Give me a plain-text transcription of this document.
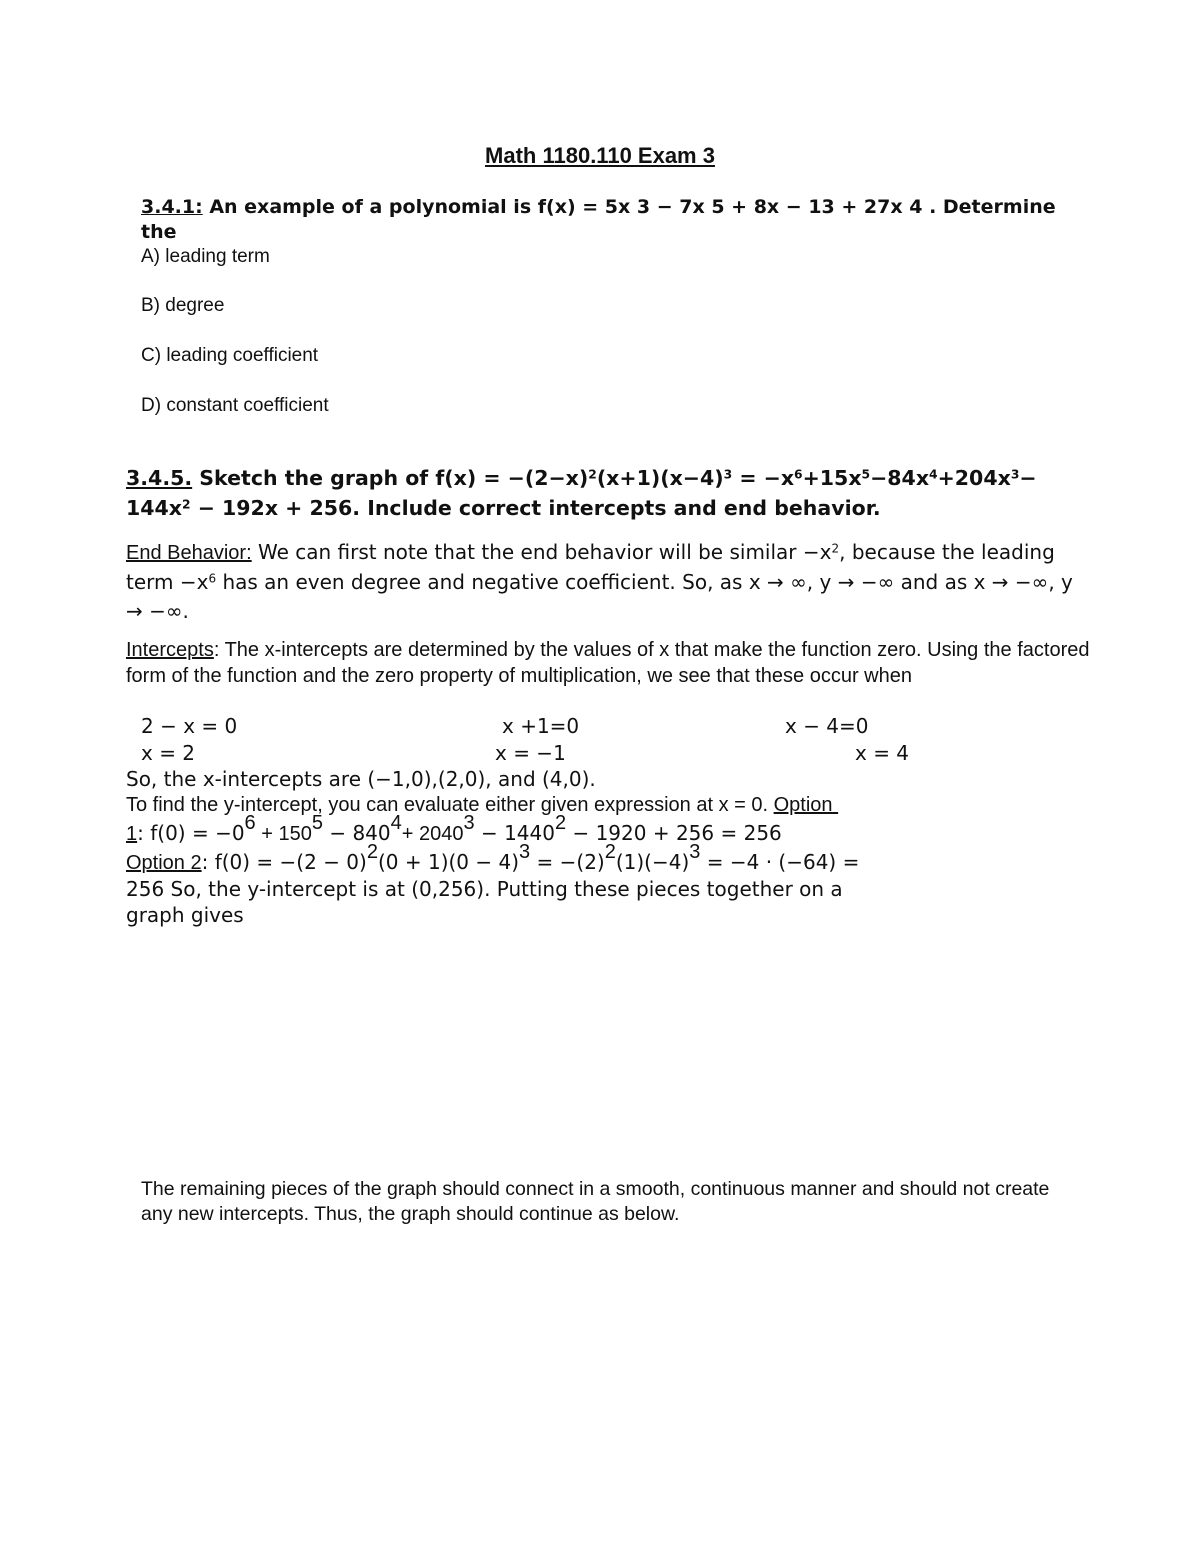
Math 1180.110 Exam 3
3.4.1: An example of a polynomial is f(x) = 5x 3 − 7x 5 + 8x − 13 + 27x 4 . Determine the
A) leading term
B) degree
C) leading coefficient
D) constant coefficient
3.4.5. Sketch the graph of $f(x) = -(2-x)^2(x+1)(x-4)^3 = -x^6+15x^5-84x^4+204x^3-$
$144x^2 - 192x + 256$. Include correct intercepts and end behavior.
End Behavior: We can first note that the end behavior will be similar $-x^2$, because the leading term $-x^6$ has an even degree and negative coefficient. So, as x → ∞, y → −∞ and as x → −∞, y → −∞.
Intercepts: The x-intercepts are determined by the values of x that make the function zero. Using the factored form of the function and the zero property of multiplication, we see that these occur when
2 − x = 0	x +1=0	x − 4=0
x = 2	x = −1	x = 4
So, the x-intercepts are (−1,0),(2,0), and (4,0).
To find the y-intercept, you can evaluate either given expression at x = 0. Option
1: $f(0) = -0^6 + 150^5 - 840^4+ 2040^3 - 1440^2 - 1920 + 256 = 256$
Option 2: $f(0) = -(2 - 0)^2(0 + 1)(0 - 4)^3 = -(2)^2(1)(-4)^3 = -4 \cdot (-64)$ =
256 So, the y-intercept is at (0,256). Putting these pieces together on a
graph gives
The remaining pieces of the graph should connect in a smooth, continuous manner and should not create any new intercepts. Thus, the graph should continue as below.
